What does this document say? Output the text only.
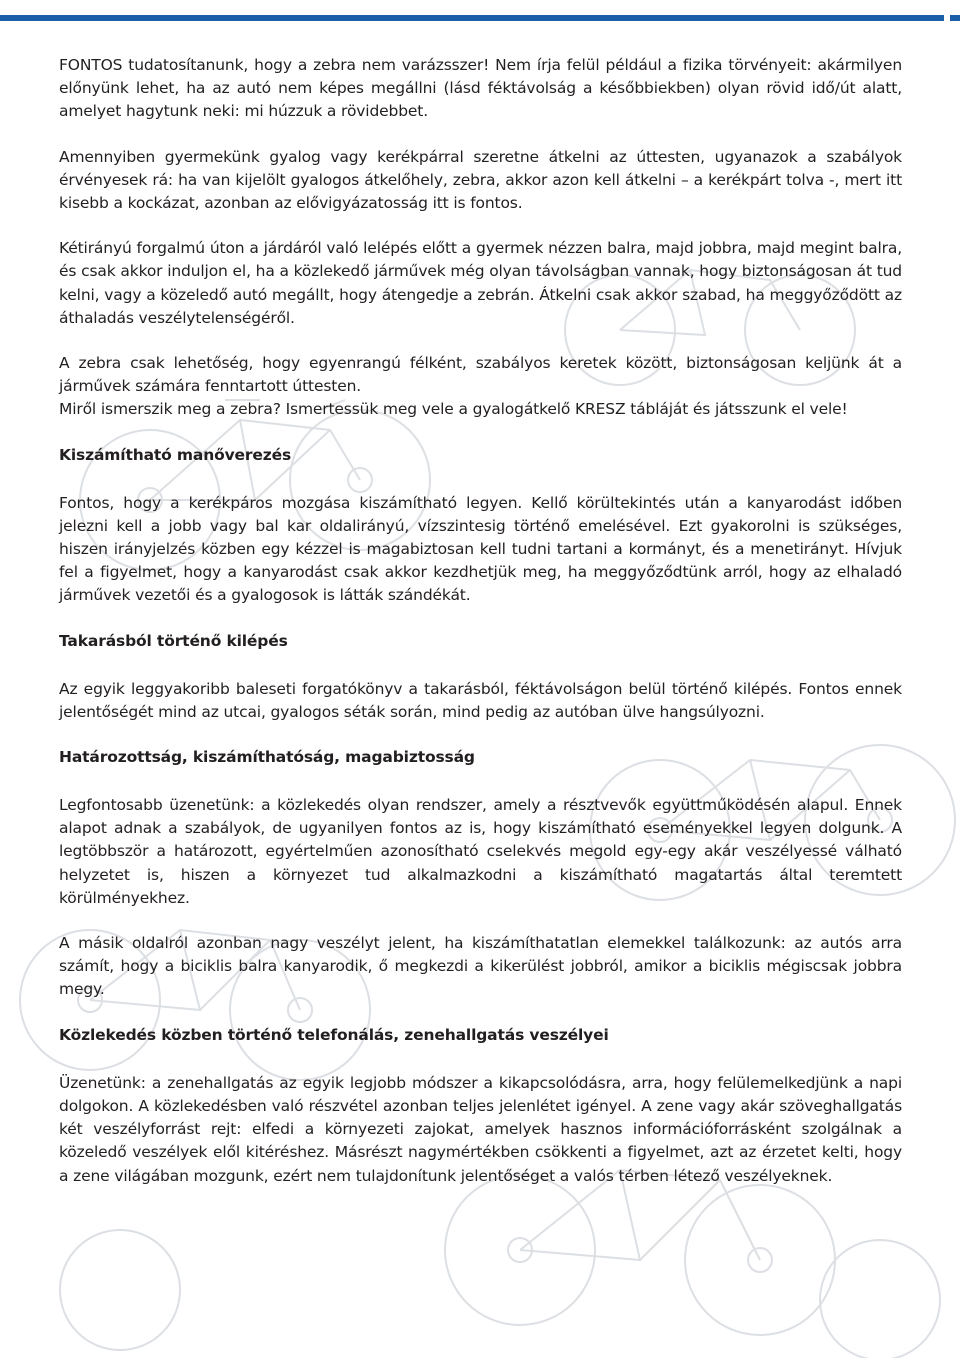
FONTOS tudatosítanunk, hogy a zebra nem varázsszer! Nem írja felül például a fizika törvényeit: akármilyen előnyünk lehet, ha az autó nem képes megállni (lásd féktávolság a későbbiekben) olyan rövid idő/út alatt, amelyet hagytunk neki: mi húzzuk a rövidebbet.

Amennyiben gyermekünk gyalog vagy kerékpárral szeretne átkelni az úttesten, ugyanazok a szabályok érvényesek rá: ha van kijelölt gyalogos átkelőhely, zebra, akkor azon kell átkelni – a kerékpárt tolva -, mert itt kisebb a kockázat, azonban az elővigyázatosság itt is fontos.

Kétirányú forgalmú úton a járdáról való lelépés előtt a gyermek nézzen balra, majd jobbra, majd megint balra, és csak akkor induljon el, ha a közlekedő járművek még olyan távolságban vannak, hogy biztonságosan át tud kelni, vagy a közeledő autó megállt, hogy átengedje a zebrán. Átkelni csak akkor szabad, ha meggyőződött az áthaladás veszélytelenségéről.

A zebra csak lehetőség, hogy egyenrangú félként, szabályos keretek között, biztonságosan keljünk át a járművek számára fenntartott úttesten.

Miről ismerszik meg a zebra? Ismertessük meg vele a gyalogátkelő KRESZ tábláját és játsszunk el vele!

Kiszámítható manőverezés

Fontos, hogy a kerékpáros mozgása kiszámítható legyen. Kellő körültekintés után a kanyarodást időben jelezni kell a jobb vagy bal kar oldalirányú, vízszintesig történő emelésével. Ezt gyakorolni is szükséges, hiszen irányjelzés közben egy kézzel is magabiztosan kell tudni tartani a kormányt, és a menetirányt. Hívjuk fel a figyelmet, hogy a kanyarodást csak akkor kezdhetjük meg, ha meggyőződtünk arról, hogy az elhaladó járművek vezetői és a gyalogosok is látták szándékát.

Takarásból történő kilépés

Az egyik leggyakoribb baleseti forgatókönyv a takarásból, féktávolságon belül történő kilépés. Fontos ennek jelentőségét mind az utcai, gyalogos séták során, mind pedig az autóban ülve hangsúlyozni.

Határozottság, kiszámíthatóság, magabiztosság

Legfontosabb üzenetünk: a közlekedés olyan rendszer, amely a résztvevők együttműködésén alapul. Ennek alapot adnak a szabályok, de ugyanilyen fontos az is, hogy kiszámítható eseményekkel legyen dolgunk. A legtöbbször a határozott, egyértelműen azonosítható cselekvés megold egy-egy akár veszélyessé válható helyzetet is, hiszen a környezet tud alkalmazkodni a kiszámítható magatartás által teremtett körülményekhez.

A másik oldalról azonban nagy veszélyt jelent, ha kiszámíthatatlan elemekkel találkozunk: az autós arra számít, hogy a biciklis balra kanyarodik, ő megkezdi a kikerülést jobbról, amikor a biciklis mégiscsak jobbra megy.

Közlekedés közben történő telefonálás, zenehallgatás veszélyei

Üzenetünk: a zenehallgatás az egyik legjobb módszer a kikapcsolódásra, arra, hogy felülemelkedjünk a napi dolgokon. A közlekedésben való részvétel azonban teljes jelenlétet igényel. A zene vagy akár szöveghallgatás két veszélyforrást rejt: elfedi a környezeti zajokat, amelyek hasznos információforrásként szolgálnak a közeledő veszélyek elől kitéréshez. Másrészt nagymértékben csökkenti a figyelmet, azt az érzetet kelti, hogy a zene világában mozgunk, ezért nem tulajdonítunk jelentőséget a valós térben létező veszélyeknek.
